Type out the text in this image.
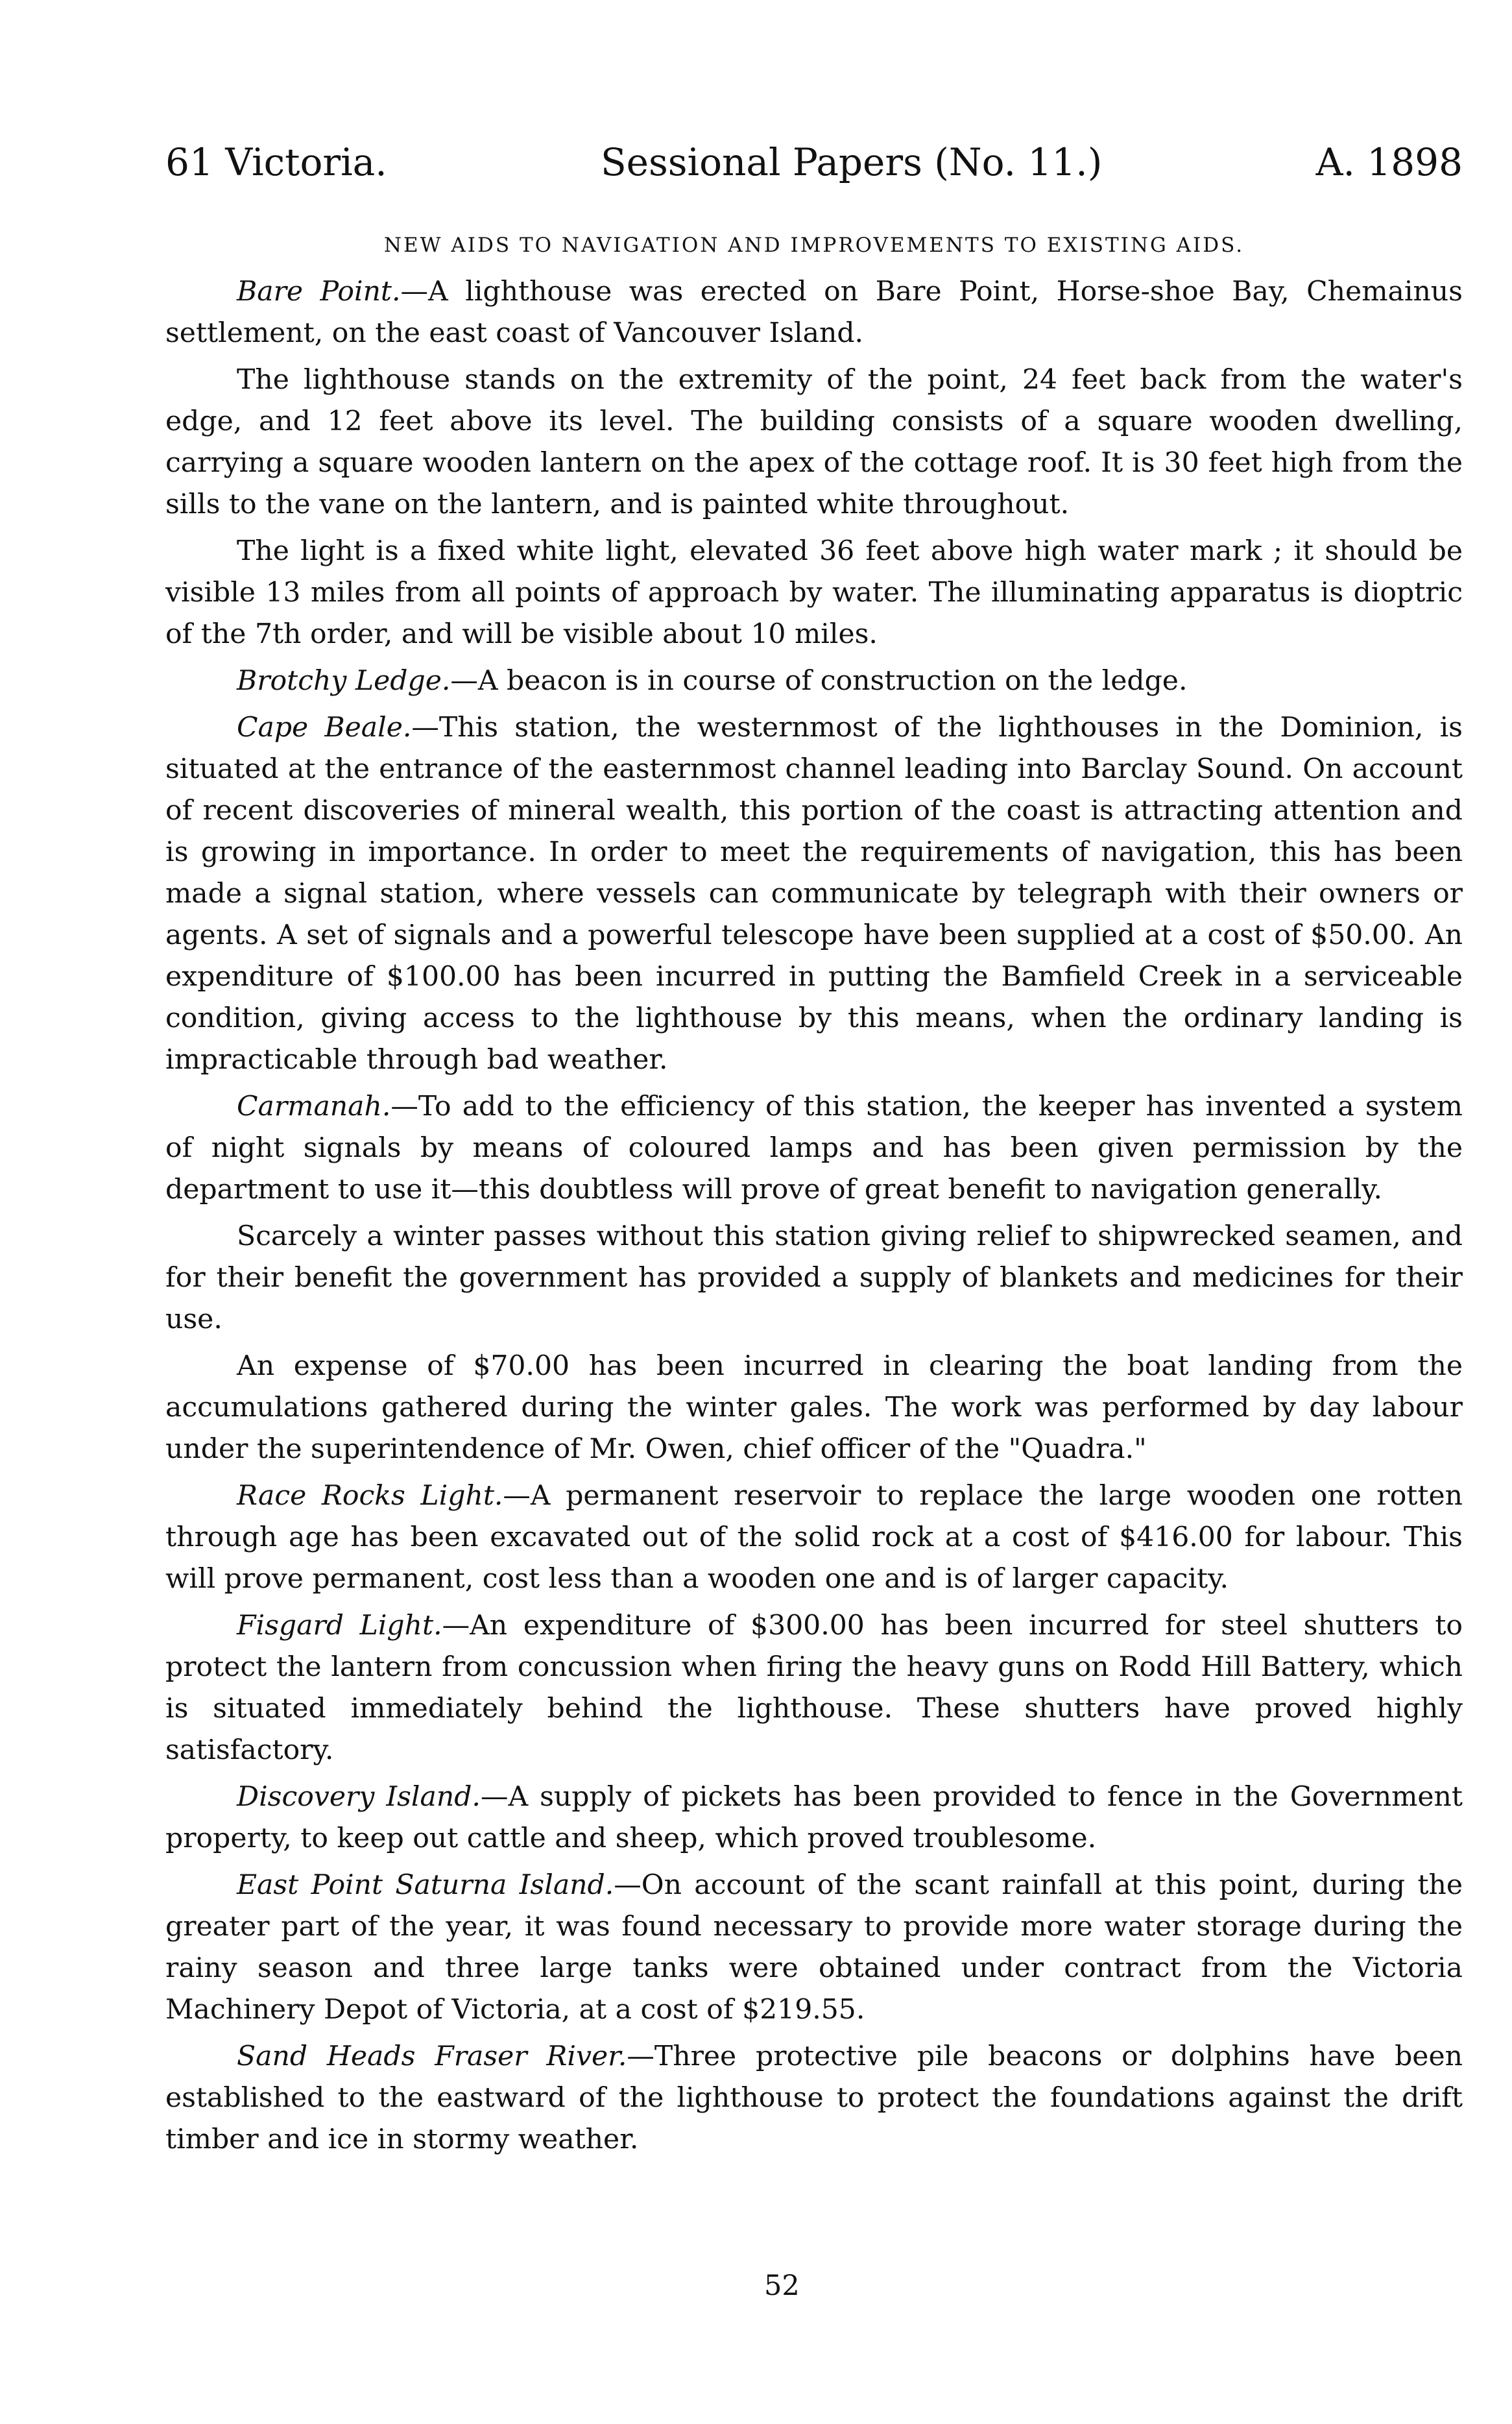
61 Victoria.	Sessional Papers (No. 11.)	A. 1898
NEW AIDS TO NAVIGATION AND IMPROVEMENTS TO EXISTING AIDS.

Bare Point.—A lighthouse was erected on Bare Point, Horse-shoe Bay, Chemainus settlement, on the east coast of Vancouver Island.

The lighthouse stands on the extremity of the point, 24 feet back from the water's edge, and 12 feet above its level. The building consists of a square wooden dwelling, carrying a square wooden lantern on the apex of the cottage roof. It is 30 feet high from the sills to the vane on the lantern, and is painted white throughout.

The light is a fixed white light, elevated 36 feet above high water mark ; it should be visible 13 miles from all points of approach by water. The illuminating apparatus is dioptric of the 7th order, and will be visible about 10 miles.

Brotchy Ledge.—A beacon is in course of construction on the ledge.

Cape Beale.—This station, the westernmost of the lighthouses in the Dominion, is situated at the entrance of the easternmost channel leading into Barclay Sound. On account of recent discoveries of mineral wealth, this portion of the coast is attracting attention and is growing in importance. In order to meet the requirements of navigation, this has been made a signal station, where vessels can communicate by telegraph with their owners or agents. A set of signals and a powerful telescope have been supplied at a cost of $50.00. An expenditure of $100.00 has been incurred in putting the Bamfield Creek in a serviceable condition, giving access to the lighthouse by this means, when the ordinary landing is impracticable through bad weather.

Carmanah.—To add to the efficiency of this station, the keeper has invented a system of night signals by means of coloured lamps and has been given permission by the department to use it—this doubtless will prove of great benefit to navigation generally.

Scarcely a winter passes without this station giving relief to shipwrecked seamen, and for their benefit the government has provided a supply of blankets and medicines for their use.

An expense of $70.00 has been incurred in clearing the boat landing from the accumulations gathered during the winter gales. The work was performed by day labour under the superintendence of Mr. Owen, chief officer of the "Quadra."

Race Rocks Light.—A permanent reservoir to replace the large wooden one rotten through age has been excavated out of the solid rock at a cost of $416.00 for labour. This will prove permanent, cost less than a wooden one and is of larger capacity.

Fisgard Light.—An expenditure of $300.00 has been incurred for steel shutters to protect the lantern from concussion when firing the heavy guns on Rodd Hill Battery, which is situated immediately behind the lighthouse. These shutters have proved highly satisfactory.

Discovery Island.—A supply of pickets has been provided to fence in the Government property, to keep out cattle and sheep, which proved troublesome.

East Point Saturna Island.—On account of the scant rainfall at this point, during the greater part of the year, it was found necessary to provide more water storage during the rainy season and three large tanks were obtained under contract from the Victoria Machinery Depot of Victoria, at a cost of $219.55.

Sand Heads Fraser River.—Three protective pile beacons or dolphins have been established to the eastward of the lighthouse to protect the foundations against the drift timber and ice in stormy weather.

52
